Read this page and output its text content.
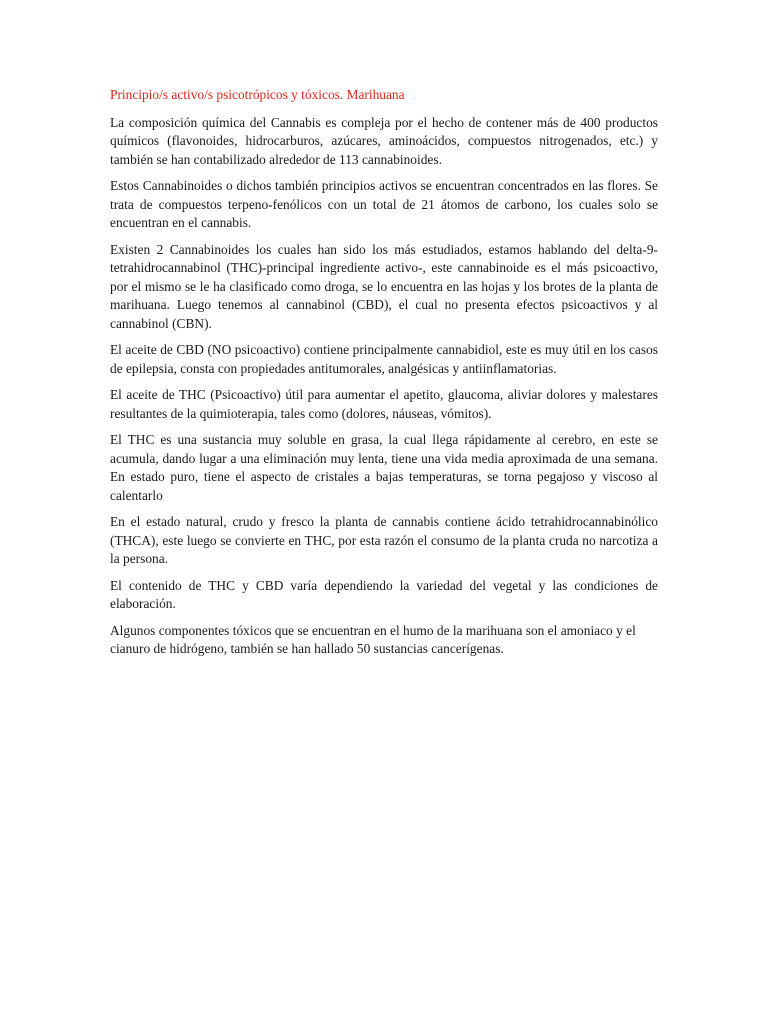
Principio/s activo/s psicotrópicos y tóxicos. Marihuana

La composición química del Cannabis es compleja por el hecho de contener más de 400 productos químicos (flavonoides, hidrocarburos, azúcares, aminoácidos, compuestos nitrogenados, etc.) y también se han contabilizado alrededor de 113 cannabinoides.

Estos Cannabinoides o dichos también principios activos se encuentran concentrados en las flores. Se trata de compuestos terpeno-fenólicos con un total de 21 átomos de carbono, los cuales solo se encuentran en el cannabis.

Existen 2 Cannabinoides los cuales han sido los más estudiados, estamos hablando del delta-9-tetrahidrocannabinol (THC)-principal ingrediente activo-, este cannabinoide es el más psicoactivo, por el mismo se le ha clasificado como droga, se lo encuentra en las hojas y los brotes de la planta de marihuana. Luego tenemos al cannabinol (CBD), el cual no presenta efectos psicoactivos y al cannabinol (CBN).

El aceite de CBD (NO psicoactivo) contiene principalmente cannabidiol, este es muy útil en los casos de epilepsia, consta con propiedades antitumorales, analgésicas y antiinflamatorias.

El aceite de THC (Psicoactivo) útil para aumentar el apetito, glaucoma, aliviar dolores y malestares resultantes de la quimioterapia, tales como (dolores, náuseas, vómitos).

El THC es una sustancia muy soluble en grasa, la cual llega rápidamente al cerebro, en este se acumula, dando lugar a una eliminación muy lenta, tiene una vida media aproximada de una semana. En estado puro, tiene el aspecto de cristales a bajas temperaturas, se torna pegajoso y viscoso al calentarlo

En el estado natural, crudo y fresco la planta de cannabis contiene ácido tetrahidrocannabinólico (THCA), este luego se convierte en THC, por esta razón el consumo de la planta cruda no narcotiza a la persona.

El contenido de THC y CBD varía dependiendo la variedad del vegetal y las condiciones de elaboración.

Algunos componentes tóxicos que se encuentran en el humo de la marihuana son el amoniaco y el cianuro de hidrógeno, también se han hallado 50 sustancias cancerígenas.
